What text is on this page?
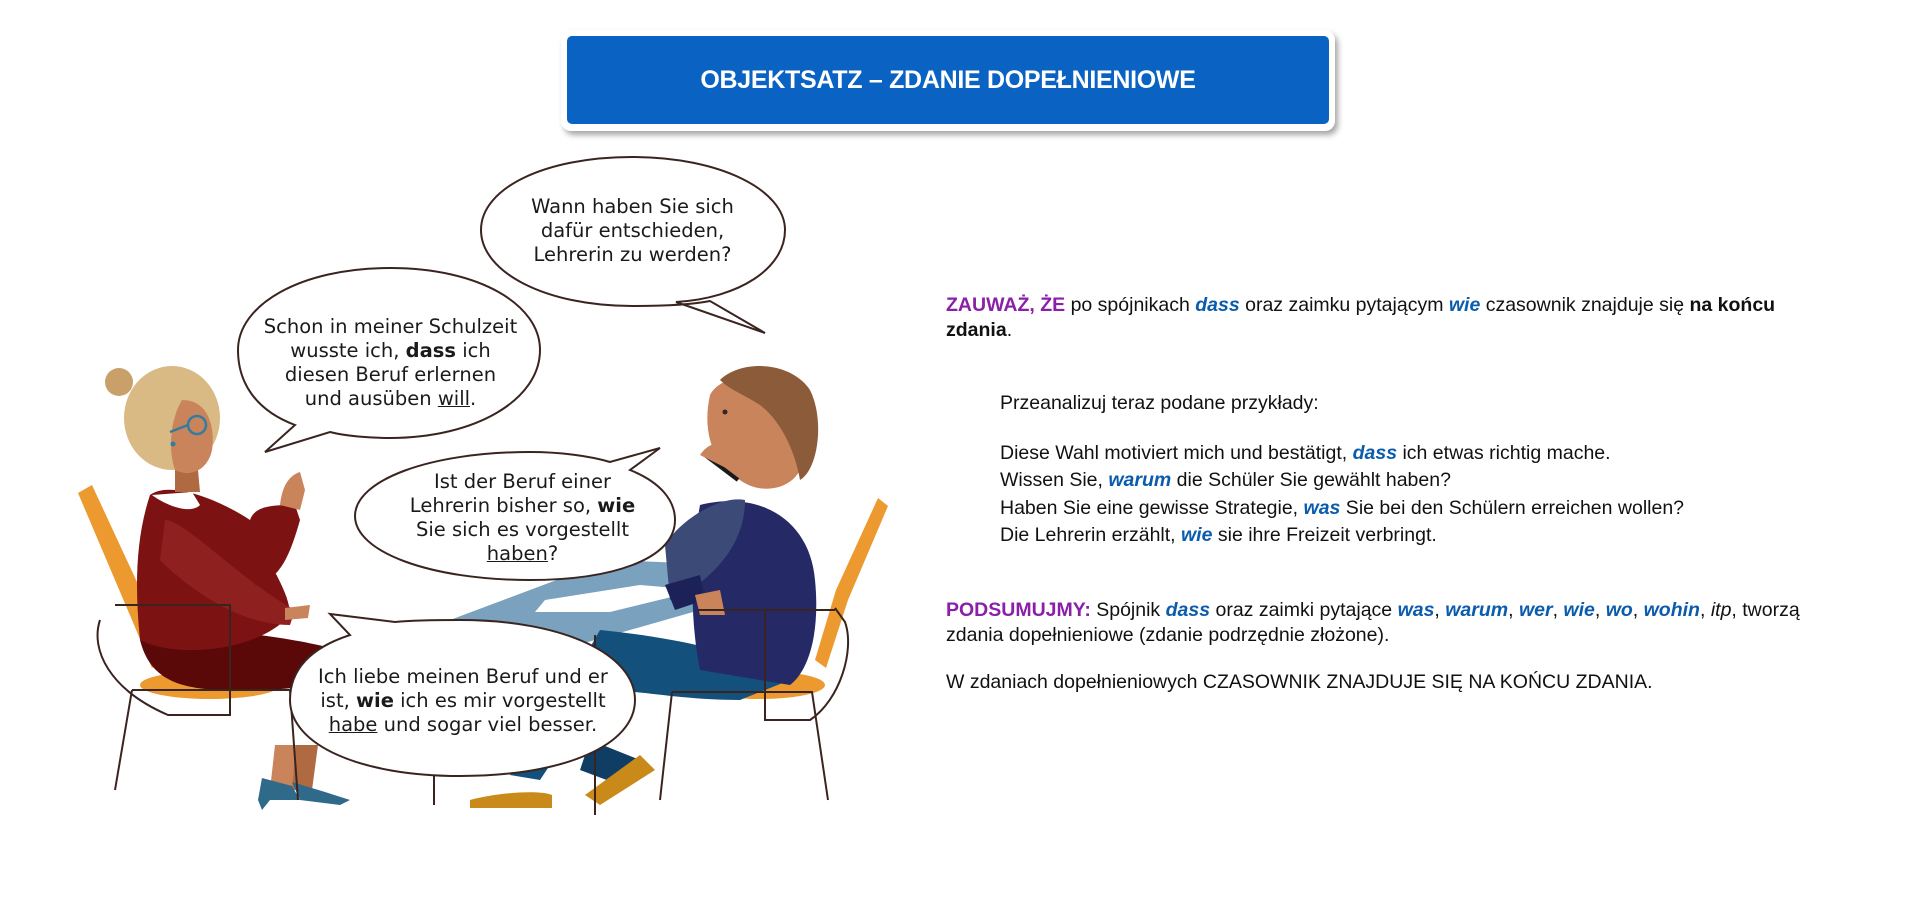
OBJEKTSATZ – ZDANIE DOPEŁNIENIOWE
Wann haben Sie sich
dafür entschieden,
Lehrerin zu werden?
Schon in meiner Schulzeit
wusste ich, dass ich
diesen Beruf erlernen
und ausüben will.
Ist der Beruf einer
Lehrerin bisher so, wie
Sie sich es vorgestellt
haben?
Ich liebe meinen Beruf und er
ist, wie ich es mir vorgestellt
habe und sogar viel besser.
ZAUWAŻ, ŻE po spójnikach dass oraz zaimku pytającym wie czasownik znajduje się na końcu
zdania.
Przeanalizuj teraz podane przykłady:
Diese Wahl motiviert mich und bestätigt, dass ich etwas richtig mache.
Wissen Sie, warum die Schüler Sie gewählt haben?
Haben Sie eine gewisse Strategie, was Sie bei den Schülern erreichen wollen?
Die Lehrerin erzählt, wie sie ihre Freizeit verbringt.
PODSUMUJMY: Spójnik dass oraz zaimki pytające was, warum, wer, wie, wo, wohin, itp, tworzą
zdania dopełnieniowe (zdanie podrzędnie złożone).
W zdaniach dopełnieniowych CZASOWNIK ZNAJDUJE SIĘ NA KOŃCU ZDANIA.
